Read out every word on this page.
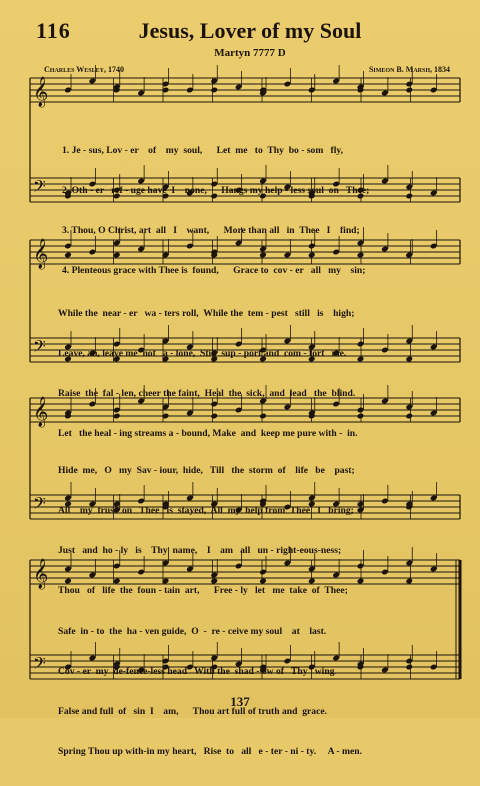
116	Jesus, Lover of my Soul
Martyn 7777 D
Charles Wesley, 1740	Simeon B. Marsh, 1834
𝄞
𝄢
𝄞
𝄢
𝄞
𝄢
𝄞
𝄢

1. Je - sus, Lov - er    of    my  soul,      Let  me   to  Thy  bo - som   fly,

2. Oth - er   ref - uge have  I    none,      Hangs my help - less soul  on   Thee;

3. Thou, O Christ, art  all   I    want,      More than all   in  Thee   I    find;

4. Plenteous grace with Thee is  found,      Grace to  cov - er   all   my    sin;

While the  near - er   wa - ters roll,  While the  tem - pest   still   is    high;

Leave, ah, leave me  not   a - lone,  Still  sup - port and  com - fort   me.

Raise  the  fal - len, cheer the faint,  Heal  the  sick,  and  lead   the  blind.

Let   the heal - ing streams a - bound, Make  and  keep me pure with -  in.

Hide  me,   O   my  Sav - iour,  hide,   Till   the  storm  of    life   be    past;

All    my  trust  on   Thee   is  stayed,  All  my  help from  Thee   I   bring;

Just   and  ho - ly   is    Thy  name,    I    am   all   un - right-eous-ness;

Thou   of   life  the  foun - tain  art,      Free - ly   let   me  take  of  Thee;

Safe  in - to  the  ha - ven guide,  O  -  re - ceive my soul    at    last.

Cov - er  my  de-fence-less head   With the  shad - ow of   Thy   wing.

False and full  of   sin  I    am,      Thou art full of truth and  grace.

Spring Thou up with-in my heart,   Rise  to   all   e - ter - ni - ty.     A - men.

137
